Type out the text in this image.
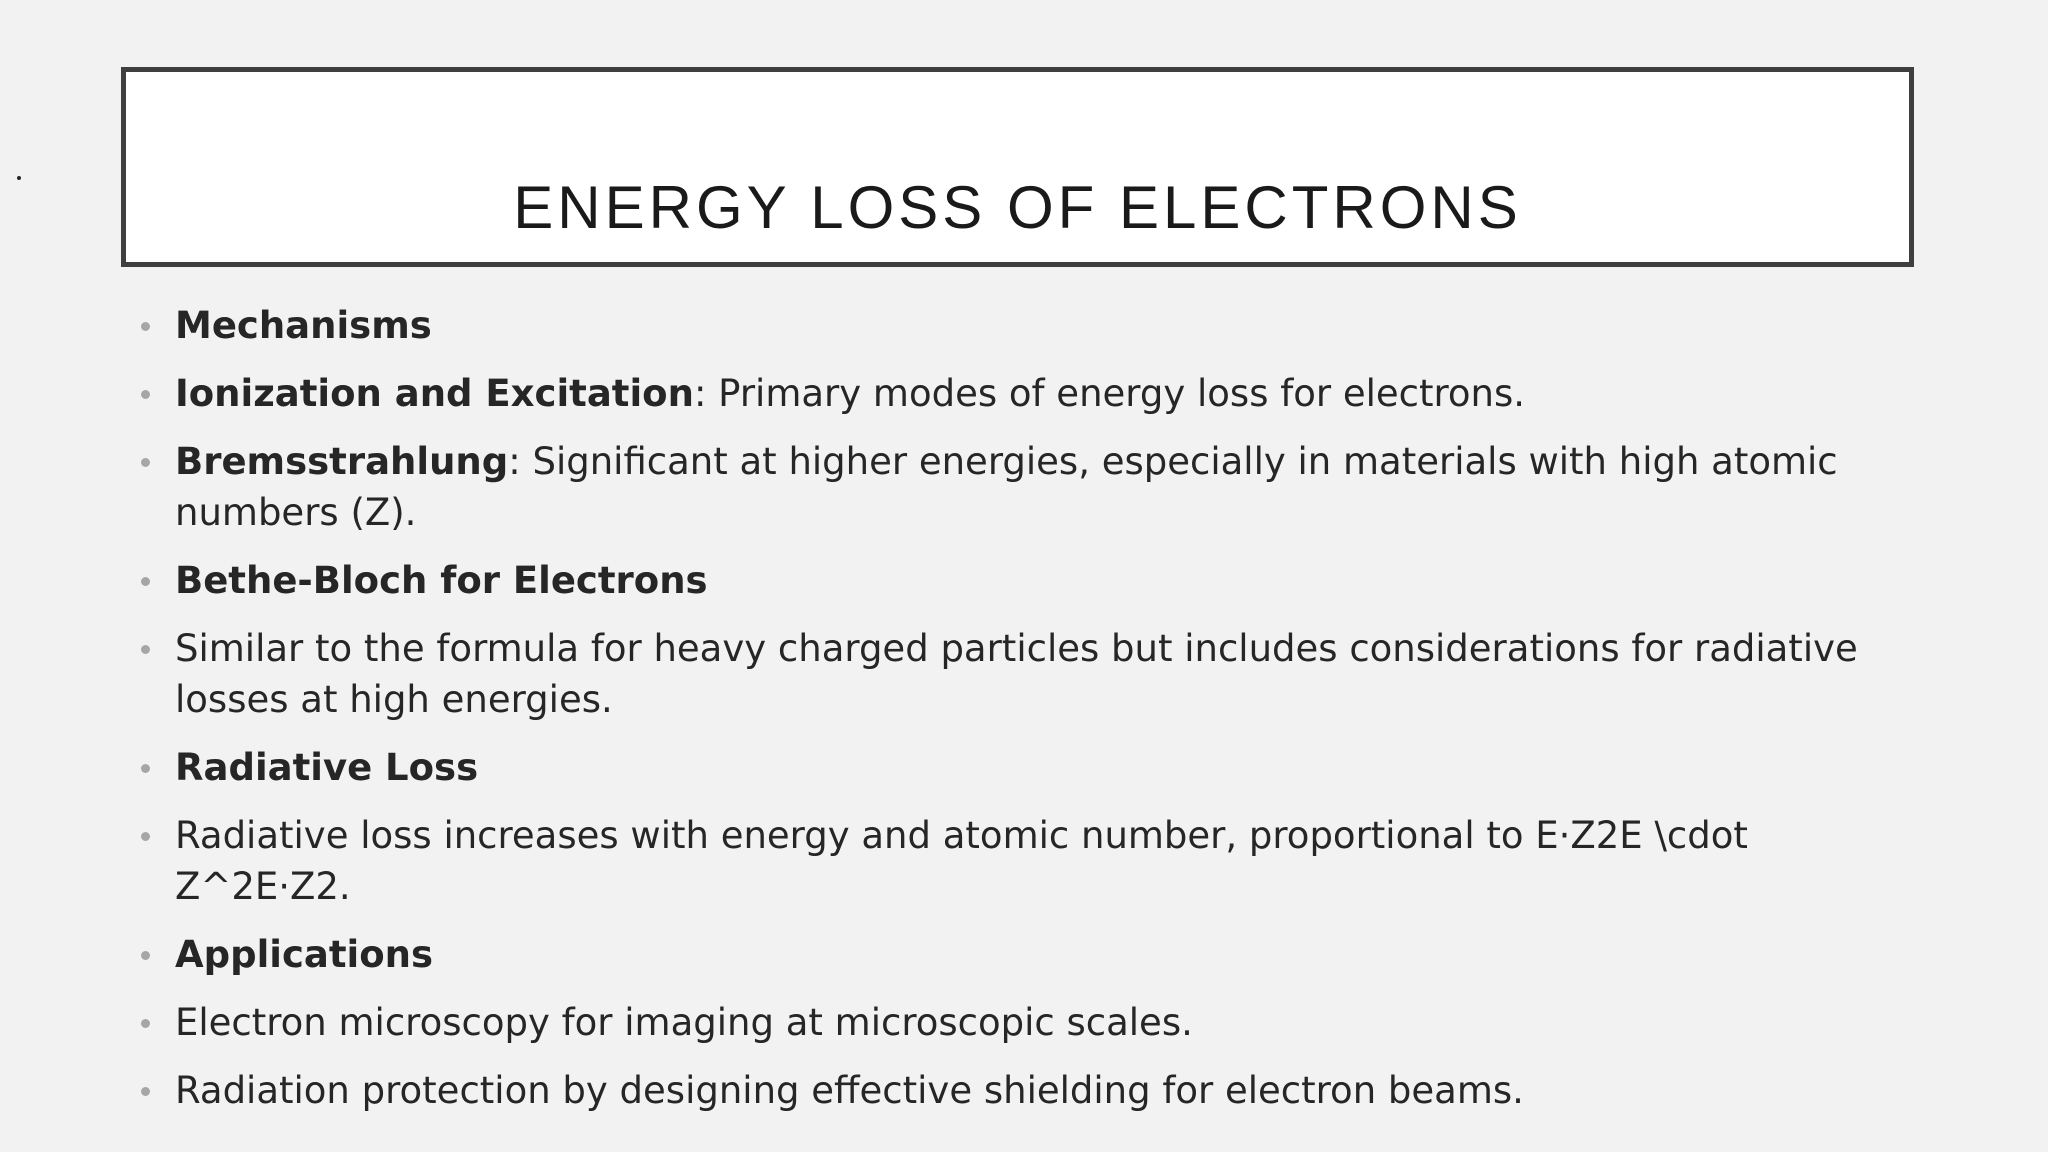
ENERGY LOSS OF ELECTRONS
Mechanisms
Ionization and Excitation: Primary modes of energy loss for electrons.
Bremsstrahlung: Significant at higher energies, especially in materials with high atomic numbers (Z).
Bethe-Bloch for Electrons
Similar to the formula for heavy charged particles but includes considerations for radiative losses at high energies.
Radiative Loss
Radiative loss increases with energy and atomic number, proportional to E·Z2E \cdot Z^2E·Z2.
Applications
Electron microscopy for imaging at microscopic scales.
Radiation protection by designing effective shielding for electron beams.
